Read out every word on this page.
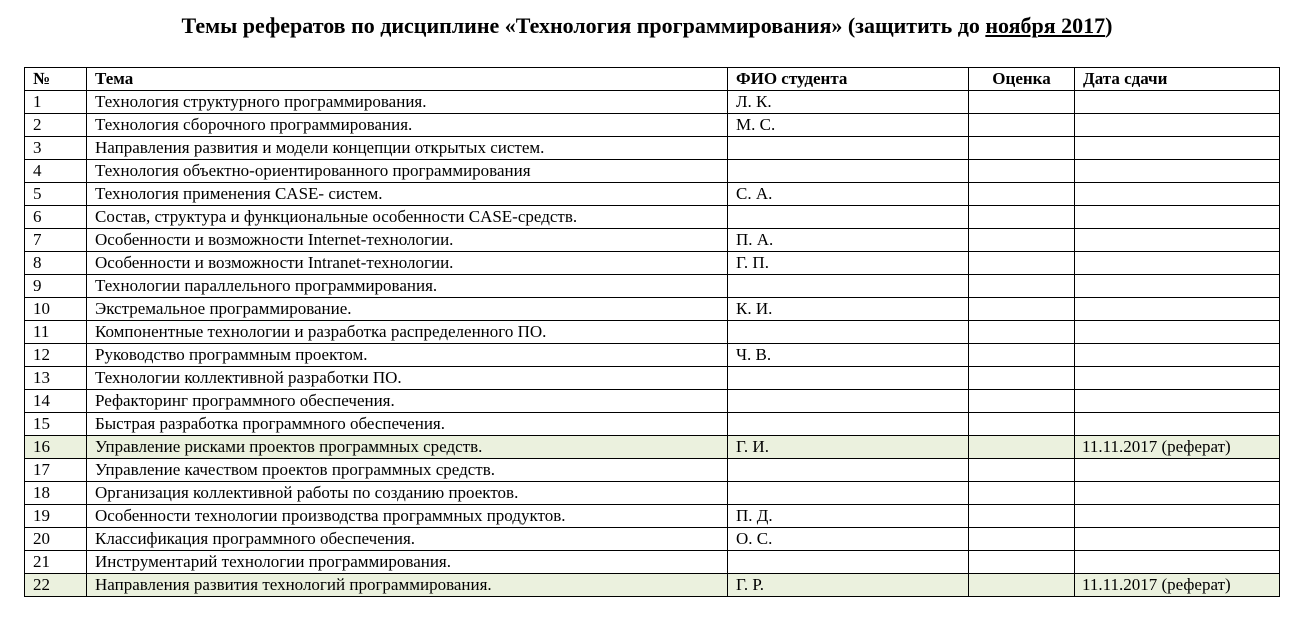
Темы рефератов по дисциплине «Технология программирования» (защитить до ноября 2017)
№	Тема	ФИО студента	Оценка	Дата сдачи
1	Технология структурного программирования.	Л. К.		
2	Технология сборочного программирования.	М. С.		
3	Направления развития и модели концепции открытых систем.			
4	Технология объектно-ориентированного программирования			
5	Технология применения CASE- систем.	С. А.		
6	Состав, структура и функциональные особенности CASE-средств.			
7	Особенности и возможности Internet-технологии.	П. А.		
8	Особенности и возможности Intranet-технологии.	Г. П.		
9	Технологии параллельного программирования.			
10	Экстремальное программирование.	К. И.		
11	Компонентные технологии и разработка распределенного ПО.			
12	Руководство программным проектом.	Ч. В.		
13	Технологии коллективной разработки ПО.			
14	Рефакторинг программного обеспечения.			
15	Быстрая разработка программного обеспечения.			
16	Управление рисками проектов программных средств.	Г. И.		11.11.2017 (реферат)
17	Управление качеством проектов программных средств.			
18	Организация коллективной работы по созданию проектов.			
19	Особенности технологии производства программных продуктов.	П. Д.		
20	Классификация программного обеспечения.	О. С.		
21	Инструментарий технологии программирования.			
22	Направления развития технологий программирования.	Г. Р.		11.11.2017 (реферат)
